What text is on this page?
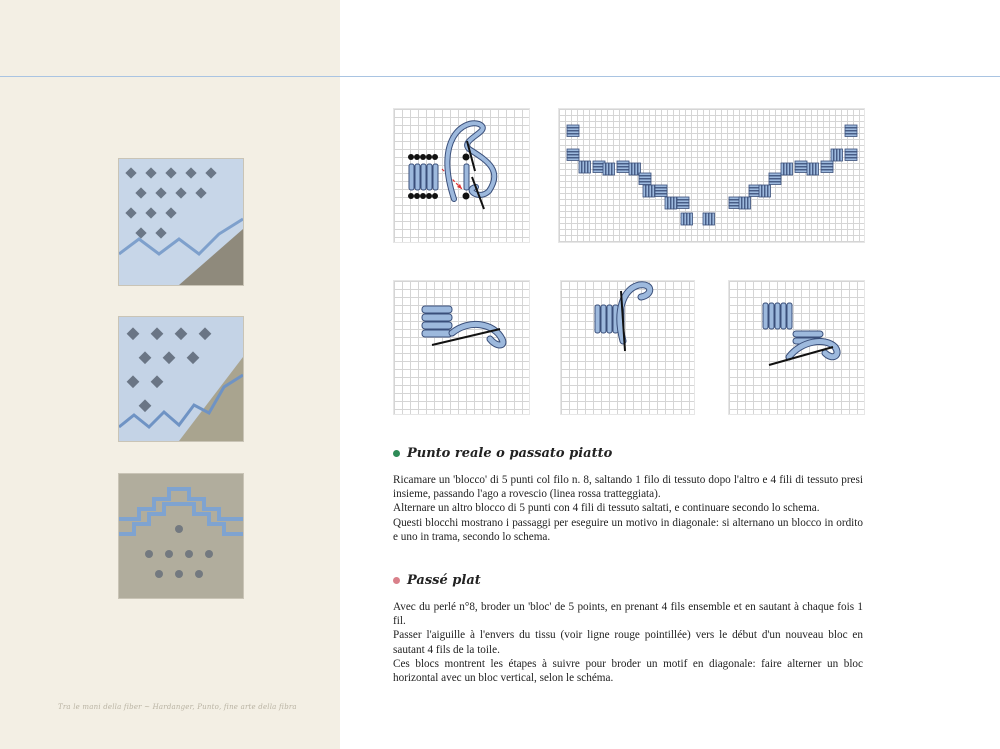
Tra le mani della fiber ~ Hardanger, Punto, fine arte della fibra
Punto reale o passato piatto

Ricamare un 'blocco' di 5 punti col filo n. 8, saltando 1 filo di tessuto dopo l'altro e 4 fili di tessuto presi insieme, passando l'ago a rovescio (linea rossa tratteggiata).

Alternare un altro blocco di 5 punti con 4 fili di tessuto saltati, e continuare secondo lo schema.

Questi blocchi mostrano i passaggi per eseguire un motivo in diagonale: si alternano un blocco in ordito e uno in trama, secondo lo schema.

Passé plat

Avec du perlé n°8, broder un 'bloc' de 5 points, en prenant 4 fils ensemble et en sautant à chaque fois 1 fil.

Passer l'aiguille à l'envers du tissu (voir ligne rouge pointillée) vers le début d'un nouveau bloc en sautant 4 fils de la toile.

Ces blocs montrent les étapes à suivre pour broder un motif en diagonale: faire alterner un bloc horizontal avec un bloc vertical, selon le schéma.
